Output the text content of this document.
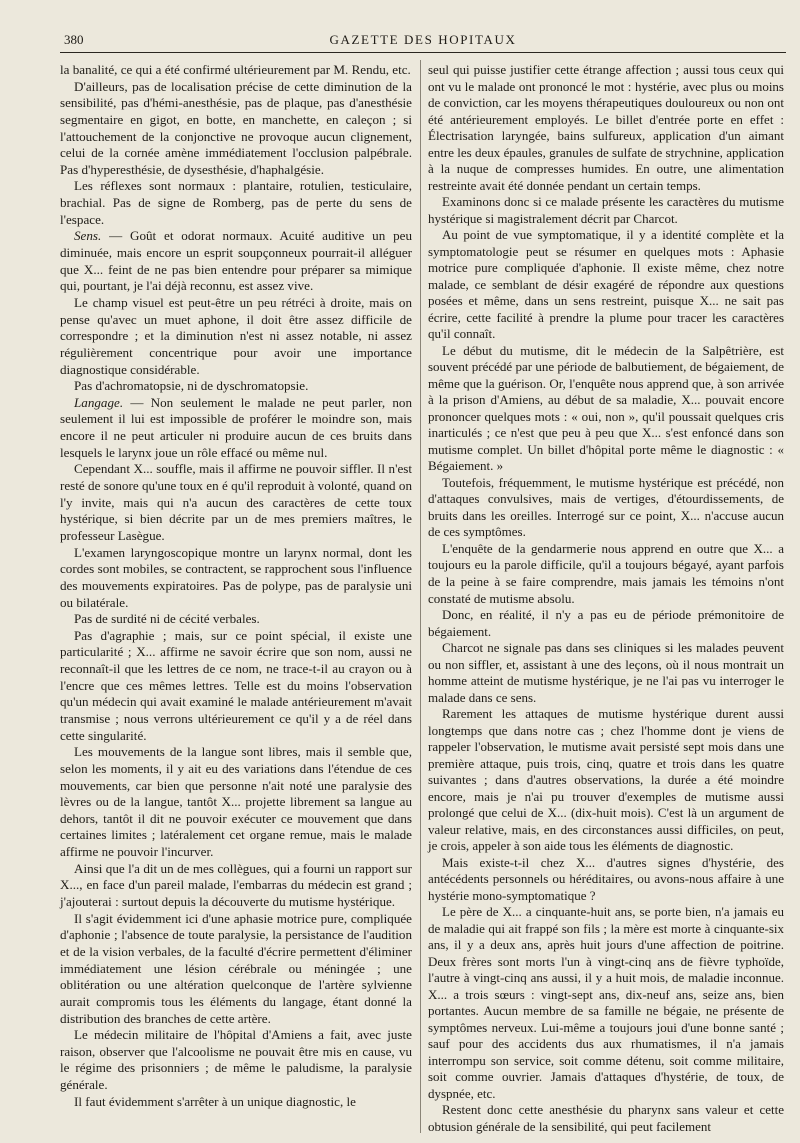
380	GAZETTE DES HOPITAUX

la banalité, ce qui a été confirmé ultérieurement par M. Rendu, etc.

D'ailleurs, pas de localisation précise de cette diminution de la sensibilité, pas d'hémi-anesthésie, pas de plaque, pas d'anesthésie segmentaire en gigot, en botte, en manchette, en caleçon ; si l'attouchement de la conjonctive ne provoque aucun clignement, celui de la cornée amène immédiatement l'occlusion palpébrale. Pas d'hyperesthésie, de dysesthésie, d'haphalgésie.

Les réflexes sont normaux : plantaire, rotulien, testiculaire, brachial. Pas de signe de Romberg, pas de perte du sens de l'espace.

Sens. — Goût et odorat normaux. Acuité auditive un peu diminuée, mais encore un esprit soupçonneux pourrait-il alléguer que X... feint de ne pas bien entendre pour préparer sa mimique qui, pourtant, je l'ai déjà reconnu, est assez vive.

Le champ visuel est peut-être un peu rétréci à droite, mais on pense qu'avec un muet aphone, il doit être assez difficile de correspondre ; et la diminution n'est ni assez notable, ni assez régulièrement concentrique pour avoir une importance diagnostique considérable.

Pas d'achromatopsie, ni de dyschromatopsie.

Langage. — Non seulement le malade ne peut parler, non seulement il lui est impossible de proférer le moindre son, mais encore il ne peut articuler ni produire aucun de ces bruits dans lesquels le larynx joue un rôle effacé ou même nul.

Cependant X... souffle, mais il affirme ne pouvoir siffler. Il n'est resté de sonore qu'une toux en é qu'il reproduit à volonté, quand on l'y invite, mais qui n'a aucun des caractères de cette toux hystérique, si bien décrite par un de mes premiers maîtres, le professeur Lasègue.

L'examen laryngoscopique montre un larynx normal, dont les cordes sont mobiles, se contractent, se rapprochent sous l'influence des mouvements expiratoires. Pas de polype, pas de paralysie uni ou bilatérale.

Pas de surdité ni de cécité verbales.

Pas d'agraphie ; mais, sur ce point spécial, il existe une particularité ; X... affirme ne savoir écrire que son nom, aussi ne reconnaît-il que les lettres de ce nom, ne trace-t-il au crayon ou à l'encre que ces mêmes lettres. Telle est du moins l'observation qu'un médecin qui avait examiné le malade antérieurement m'avait transmise ; nous verrons ultérieurement ce qu'il y a de réel dans cette singularité.

Les mouvements de la langue sont libres, mais il semble que, selon les moments, il y ait eu des variations dans l'étendue de ces mouvements, car bien que personne n'ait noté une paralysie des lèvres ou de la langue, tantôt X... projette librement sa langue au dehors, tantôt il dit ne pouvoir exécuter ce mouvement que dans certaines limites ; latéralement cet organe remue, mais le malade affirme ne pouvoir l'incurver.

Ainsi que l'a dit un de mes collègues, qui a fourni un rapport sur X..., en face d'un pareil malade, l'embarras du médecin est grand ; j'ajouterai : surtout depuis la découverte du mutisme hystérique.

Il s'agit évidemment ici d'une aphasie motrice pure, compliquée d'aphonie ; l'absence de toute paralysie, la persistance de l'audition et de la vision verbales, de la faculté d'écrire permettent d'éliminer immédiatement une lésion cérébrale ou méningée ; une oblitération ou une altération quelconque de l'artère sylvienne aurait compromis tous les éléments du langage, étant donné la distribution des branches de cette artère.

Le médecin militaire de l'hôpital d'Amiens a fait, avec juste raison, observer que l'alcoolisme ne pouvait être mis en cause, vu le régime des prisonniers ; de même le paludisme, la paralysie générale.

Il faut évidemment s'arrêter à un unique diagnostic, le

seul qui puisse justifier cette étrange affection ; aussi tous ceux qui ont vu le malade ont prononcé le mot : hystérie, avec plus ou moins de conviction, car les moyens thérapeutiques douloureux ou non ont été antérieurement employés. Le billet d'entrée porte en effet : Électrisation laryngée, bains sulfureux, application d'un aimant entre les deux épaules, granules de sulfate de strychnine, application à la nuque de compresses humides. En outre, une alimentation restreinte avait été donnée pendant un certain temps.

Examinons donc si ce malade présente les caractères du mutisme hystérique si magistralement décrit par Charcot.

Au point de vue symptomatique, il y a identité complète et la symptomatologie peut se résumer en quelques mots : Aphasie motrice pure compliquée d'aphonie. Il existe même, chez notre malade, ce semblant de désir exagéré de répondre aux questions posées et même, dans un sens restreint, puisque X... ne sait pas écrire, cette facilité à prendre la plume pour tracer les caractères qu'il connaît.

Le début du mutisme, dit le médecin de la Salpêtrière, est souvent précédé par une période de balbutiement, de bégaiement, de même que la guérison. Or, l'enquête nous apprend que, à son arrivée à la prison d'Amiens, au début de sa maladie, X... pouvait encore prononcer quelques mots : « oui, non », qu'il poussait quelques cris inarticulés ; ce n'est que peu à peu que X... s'est enfoncé dans son mutisme complet. Un billet d'hôpital porte même le diagnostic : « Bégaiement. »

Toutefois, fréquemment, le mutisme hystérique est précédé, non d'attaques convulsives, mais de vertiges, d'étourdissements, de bruits dans les oreilles. Interrogé sur ce point, X... n'accuse aucun de ces symptômes.

L'enquête de la gendarmerie nous apprend en outre que X... a toujours eu la parole difficile, qu'il a toujours bégayé, ayant parfois de la peine à se faire comprendre, mais jamais les témoins n'ont constaté de mutisme absolu.

Donc, en réalité, il n'y a pas eu de période prémonitoire de bégaiement.

Charcot ne signale pas dans ses cliniques si les malades peuvent ou non siffler, et, assistant à une des leçons, où il nous montrait un homme atteint de mutisme hystérique, je ne l'ai pas vu interroger le malade dans ce sens.

Rarement les attaques de mutisme hystérique durent aussi longtemps que dans notre cas ; chez l'homme dont je viens de rappeler l'observation, le mutisme avait persisté sept mois dans une première attaque, puis trois, cinq, quatre et trois dans les quatre suivantes ; dans d'autres observations, la durée a été moindre encore, mais je n'ai pu trouver d'exemples de mutisme aussi prolongé que celui de X... (dix-huit mois). C'est là un argument de valeur relative, mais, en des circonstances aussi difficiles, on peut, je crois, appeler à son aide tous les éléments de diagnostic.

Mais existe-t-il chez X... d'autres signes d'hystérie, des antécédents personnels ou héréditaires, ou avons-nous affaire à une hystérie mono-symptomatique ?

Le père de X... a cinquante-huit ans, se porte bien, n'a jamais eu de maladie qui ait frappé son fils ; la mère est morte à cinquante-six ans, il y a deux ans, après huit jours d'une affection de poitrine. Deux frères sont morts l'un à vingt-cinq ans de fièvre typhoïde, l'autre à vingt-cinq ans aussi, il y a huit mois, de maladie inconnue. X... a trois sœurs : vingt-sept ans, dix-neuf ans, seize ans, bien portantes. Aucun membre de sa famille ne bégaie, ne présente de symptômes nerveux. Lui-même a toujours joui d'une bonne santé ; sauf pour des accidents dus aux rhumatismes, il n'a jamais interrompu son service, soit comme détenu, soit comme militaire, soit comme ouvrier. Jamais d'attaques d'hystérie, de toux, de dyspnée, etc.

Restent donc cette anesthésie du pharynx sans valeur et cette obtusion générale de la sensibilité, qui peut facilement
